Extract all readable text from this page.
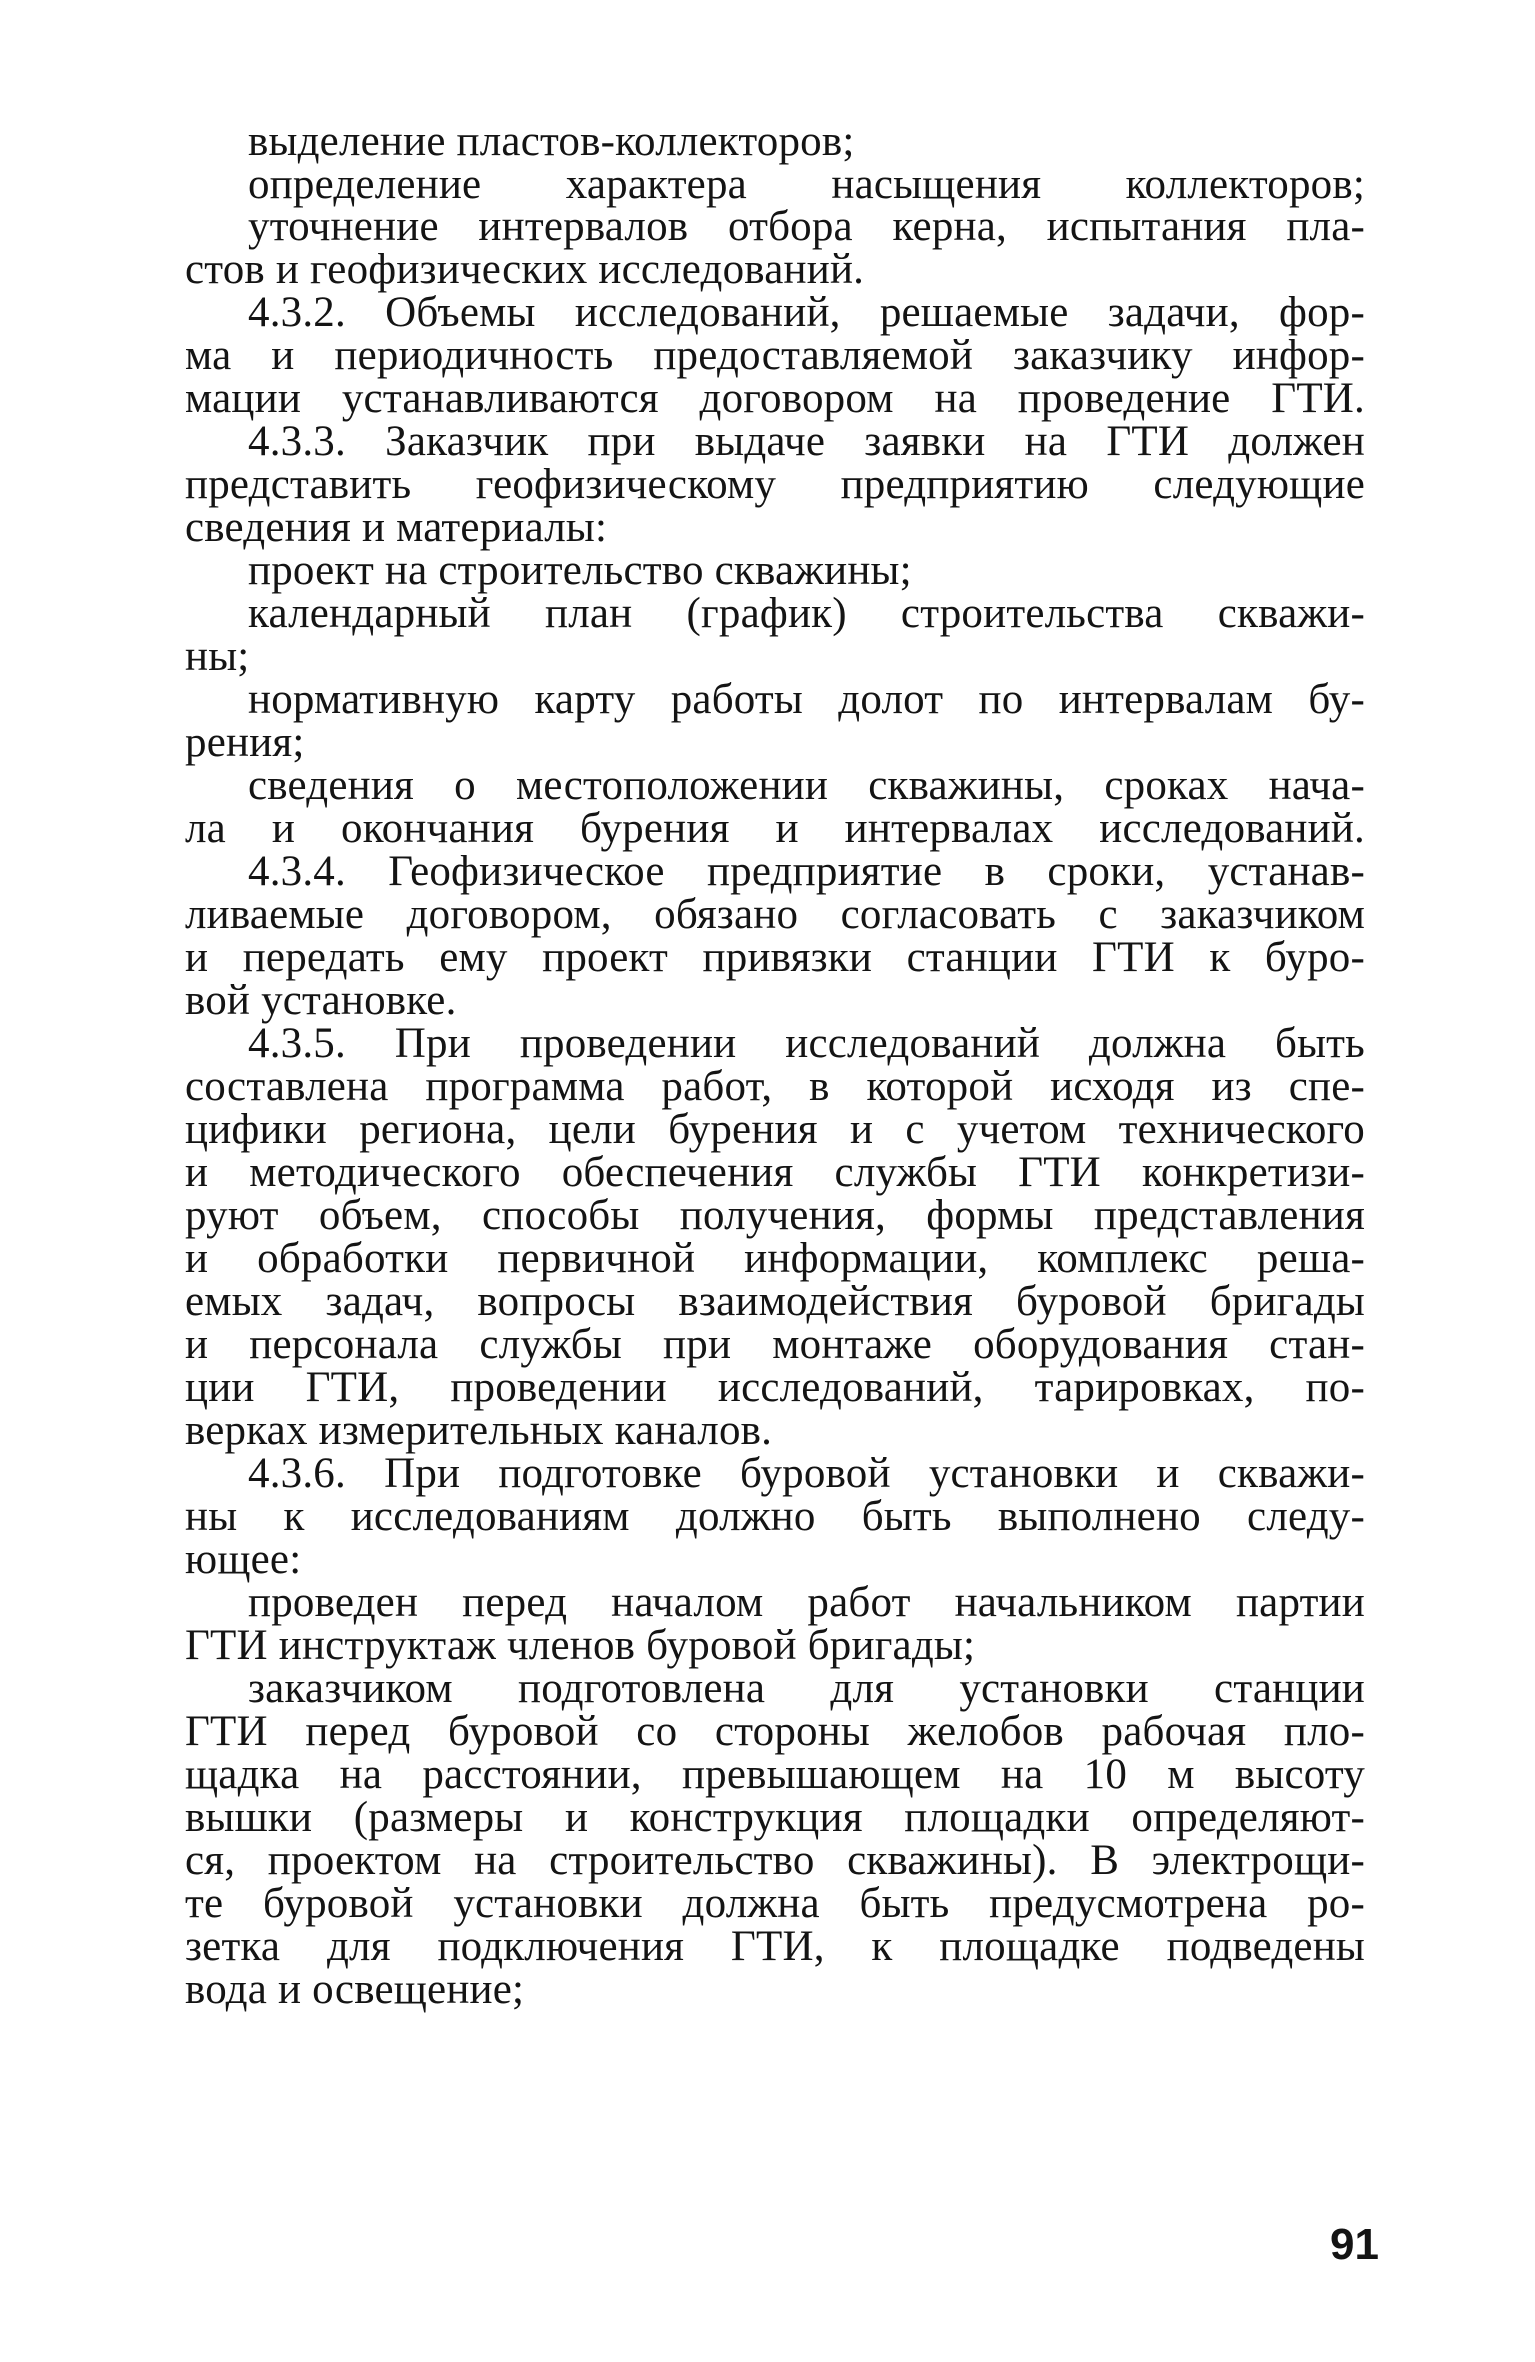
выделение пластов-коллекторов;
определение характера насыщения коллекторов;
уточнение интервалов отбора керна, испытания пла-
стов и геофизических исследований.
4.3.2. Объемы исследований, решаемые задачи, фор-
ма и периодичность предоставляемой заказчику инфор-
мации устанавливаются договором на проведение ГТИ.
4.3.3. Заказчик при выдаче заявки на ГТИ должен
представить геофизическому предприятию следующие
сведения и материалы:
проект на строительство скважины;
календарный план (график) строительства скважи-
ны;
нормативную карту работы долот по интервалам бу-
рения;
сведения о местоположении скважины, сроках нача-
ла и окончания бурения и интервалах исследований.
4.3.4. Геофизическое предприятие в сроки, устанав-
ливаемые договором, обязано согласовать с заказчиком
и передать ему проект привязки станции ГТИ к буро-
вой установке.
4.3.5. При проведении исследований должна быть
составлена программа работ, в которой исходя из спе-
цифики региона, цели бурения и с учетом технического
и методического обеспечения службы ГТИ конкретизи-
руют объем, способы получения, формы представления
и обработки первичной информации, комплекс реша-
емых задач, вопросы взаимодействия буровой бригады
и персонала службы при монтаже оборудования стан-
ции ГТИ, проведении исследований, тарировках, по-
верках измерительных каналов.
4.3.6. При подготовке буровой установки и скважи-
ны к исследованиям должно быть выполнено следу-
ющее:
проведен перед началом работ начальником партии
ГТИ инструктаж членов буровой бригады;
заказчиком подготовлена для установки станции
ГТИ перед буровой со стороны желобов рабочая пло-
щадка на расстоянии, превышающем на 10 м высоту
вышки (размеры и конструкция площадки определяют-
ся, проектом на строительство скважины). В электрощи-
те буровой установки должна быть предусмотрена ро-
зетка для подключения ГТИ, к площадке подведены
вода и освещение;
91
